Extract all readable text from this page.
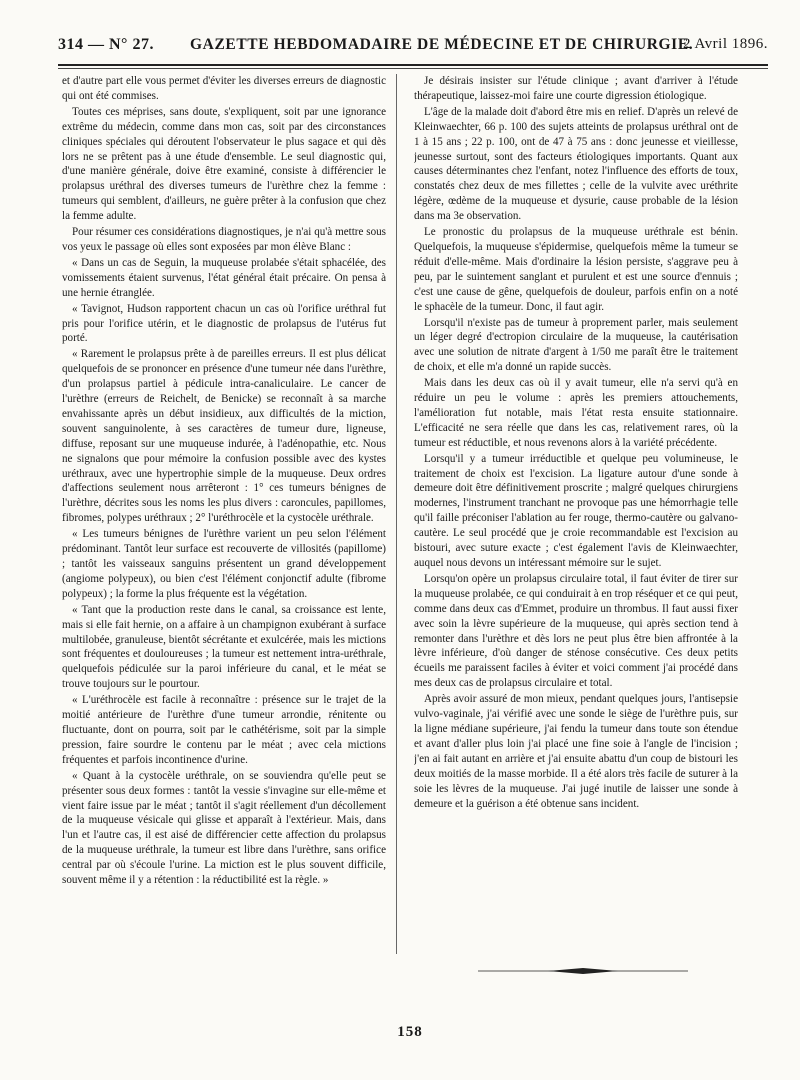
314 — N° 27. GAZETTE HEBDOMADAIRE DE MÉDECINE ET DE CHIRURGIE.
2 Avril 1896.

et d'autre part elle vous permet d'éviter les diverses erreurs de diagnostic qui ont été commises.

Toutes ces méprises, sans doute, s'expliquent, soit par une ignorance extrême du médecin, comme dans mon cas, soit par des circonstances cliniques spéciales qui déroutent l'observateur le plus sagace et qui dès lors ne se prêtent pas à une étude d'ensemble. Le seul diagnostic qui, d'une manière générale, doive être examiné, consiste à différencier le prolapsus uréthral des diverses tumeurs de l'urèthre chez la femme : tumeurs qui semblent, d'ailleurs, ne guère prêter à la confusion que chez la femme adulte.

Pour résumer ces considérations diagnostiques, je n'ai qu'à mettre sous vos yeux le passage où elles sont exposées par mon élève Blanc :

« Dans un cas de Seguin, la muqueuse prolabée s'était sphacélée, des vomissements étaient survenus, l'état général était précaire. On pensa à une hernie étranglée.

« Tavignot, Hudson rapportent chacun un cas où l'orifice uréthral fut pris pour l'orifice utérin, et le diagnostic de prolapsus de l'utérus fut porté.

« Rarement le prolapsus prête à de pareilles erreurs. Il est plus délicat quelquefois de se prononcer en présence d'une tumeur née dans l'urèthre, d'un prolapsus partiel à pédicule intra-canaliculaire. Le cancer de l'urèthre (erreurs de Reichelt, de Benicke) se reconnaît à sa marche envahissante après un début insidieux, aux difficultés de la miction, souvent sanguinolente, à ses caractères de tumeur dure, ligneuse, diffuse, reposant sur une muqueuse indurée, à l'adénopathie, etc. Nous ne signalons que pour mémoire la confusion possible avec des kystes uréthraux, avec une hypertrophie simple de la muqueuse. Deux ordres d'affections seulement nous arrêteront : 1° ces tumeurs bénignes de l'urèthre, décrites sous les noms les plus divers : caroncules, papillomes, fibromes, polypes uréthraux ; 2° l'uréthrocèle et la cystocèle uréthrale.

« Les tumeurs bénignes de l'urèthre varient un peu selon l'élément prédominant. Tantôt leur surface est recouverte de villosités (papillome) ; tantôt les vaisseaux sanguins présentent un grand développement (angiome polypeux), ou bien c'est l'élément conjonctif adulte (fibrome polypeux) ; la forme la plus fréquente est la végétation.

« Tant que la production reste dans le canal, sa croissance est lente, mais si elle fait hernie, on a affaire à un champignon exubérant à surface multilobée, granuleuse, bientôt sécrétante et exulcérée, mais les mictions sont fréquentes et douloureuses ; la tumeur est nettement intra-uréthrale, quelquefois pédiculée sur la paroi inférieure du canal, et le méat se trouve toujours sur le pourtour.

« L'uréthrocèle est facile à reconnaître : présence sur le trajet de la moitié antérieure de l'urèthre d'une tumeur arrondie, rénitente ou fluctuante, dont on pourra, soit par le cathétérisme, soit par la simple pression, faire sourdre le contenu par le méat ; avec cela mictions fréquentes et parfois incontinence d'urine.

« Quant à la cystocèle uréthrale, on se souviendra qu'elle peut se présenter sous deux formes : tantôt la vessie s'invagine sur elle-même et vient faire issue par le méat ; tantôt il s'agit réellement d'un décollement de la muqueuse vésicale qui glisse et apparaît à l'extérieur. Mais, dans l'un et l'autre cas, il est aisé de différencier cette affection du prolapsus de la muqueuse uréthrale, la tumeur est libre dans l'urèthre, sans orifice central par où s'écoule l'urine. La miction est le plus souvent difficile, souvent même il y a rétention : la réductibilité est la règle. »

Je désirais insister sur l'étude clinique ; avant d'arriver à l'étude thérapeutique, laissez-moi faire une courte digression étiologique.

L'âge de la malade doit d'abord être mis en relief. D'après un relevé de Kleinwaechter, 66 p. 100 des sujets atteints de prolapsus uréthral ont de 1 à 15 ans ; 22 p. 100, ont de 47 à 75 ans : donc jeunesse et vieillesse, jeunesse surtout, sont des facteurs étiologiques importants. Quant aux causes déterminantes chez l'enfant, notez l'influence des efforts de toux, constatés chez deux de mes fillettes ; celle de la vulvite avec uréthrite légère, œdème de la muqueuse et dysurie, cause probable de la lésion dans ma 3e observation.

Le pronostic du prolapsus de la muqueuse uréthrale est bénin. Quelquefois, la muqueuse s'épidermise, quelquefois même la tumeur se réduit d'elle-même. Mais d'ordinaire la lésion persiste, s'aggrave peu à peu, par le suintement sanglant et purulent et est une source d'ennuis ; c'est une cause de gêne, quelquefois de douleur, parfois enfin on a noté le sphacèle de la tumeur. Donc, il faut agir.

Lorsqu'il n'existe pas de tumeur à proprement parler, mais seulement un léger degré d'ectropion circulaire de la muqueuse, la cautérisation avec une solution de nitrate d'argent à 1/50 me paraît être le traitement de choix, et elle m'a donné un rapide succès.

Mais dans les deux cas où il y avait tumeur, elle n'a servi qu'à en réduire un peu le volume : après les premiers attouchements, l'amélioration fut notable, mais l'état resta ensuite stationnaire. L'efficacité ne sera réelle que dans les cas, relativement rares, où la tumeur est réductible, et nous revenons alors à la variété précédente.

Lorsqu'il y a tumeur irréductible et quelque peu volumineuse, le traitement de choix est l'excision. La ligature autour d'une sonde à demeure doit être définitivement proscrite ; malgré quelques chirurgiens modernes, l'instrument tranchant ne provoque pas une hémorrhagie telle qu'il faille préconiser l'ablation au fer rouge, thermo-cautère ou galvano-cautère. Le seul procédé que je croie recommandable est l'excision au bistouri, avec suture exacte ; c'est également l'avis de Kleinwaechter, auquel nous devons un intéressant mémoire sur le sujet.

Lorsqu'on opère un prolapsus circulaire total, il faut éviter de tirer sur la muqueuse prolabée, ce qui conduirait à en trop réséquer et ce qui peut, comme dans deux cas d'Emmet, produire un thrombus. Il faut aussi fixer avec soin la lèvre supérieure de la muqueuse, qui après section tend à remonter dans l'urèthre et dès lors ne peut plus être bien affrontée à la lèvre inférieure, d'où danger de sténose consécutive. Ces deux petits écueils me paraissent faciles à éviter et voici comment j'ai procédé dans mes deux cas de prolapsus circulaire et total.

Après avoir assuré de mon mieux, pendant quelques jours, l'antisepsie vulvo-vaginale, j'ai vérifié avec une sonde le siège de l'urèthre puis, sur la ligne médiane supérieure, j'ai fendu la tumeur dans toute son étendue et avant d'aller plus loin j'ai placé une fine soie à l'angle de l'incision ; j'en ai fait autant en arrière et j'ai ensuite abattu d'un coup de bistouri les deux moitiés de la masse morbide. Il a été alors très facile de suturer à la soie les lèvres de la muqueuse. J'ai jugé inutile de laisser une sonde à demeure et la guérison a été obtenue sans incident.

158
